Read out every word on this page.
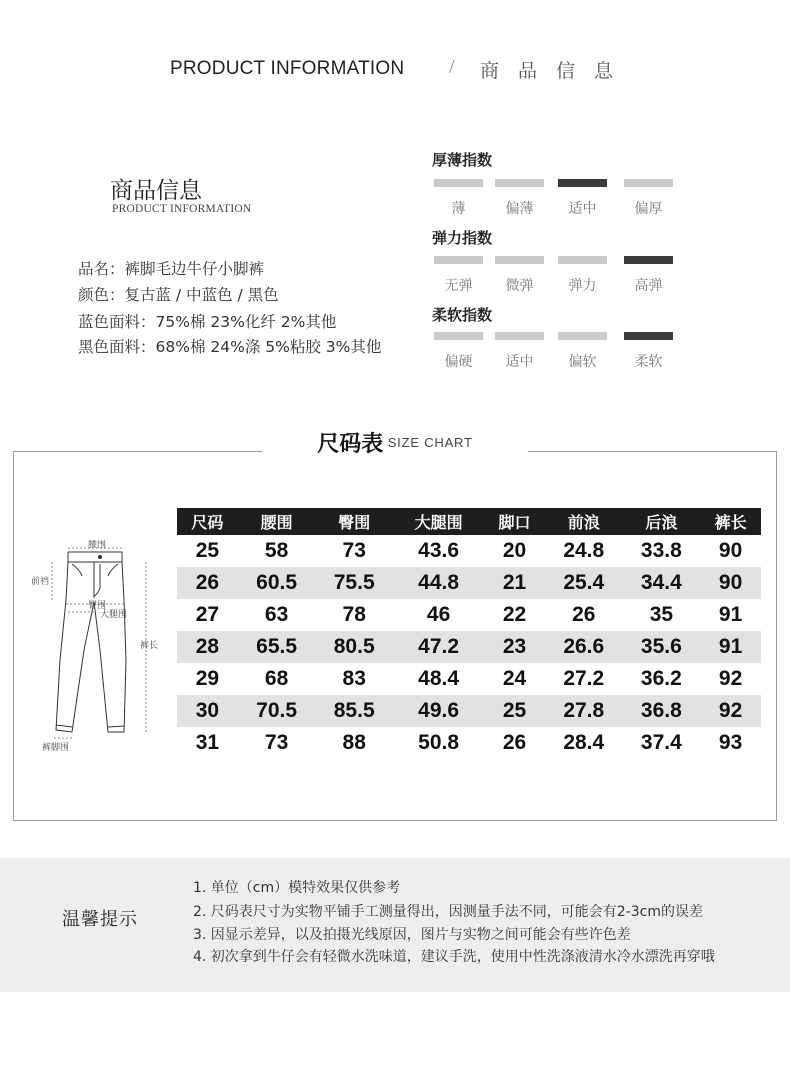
PRODUCT INFORMATION / 商品信息
商品信息
PRODUCT INFORMATION
品名：裤脚毛边牛仔小脚裤
颜色：复古蓝 / 中蓝色 / 黑色
蓝色面料：75%棉 23%化纤 2%其他
黑色面料：68%棉 24%涤 5%粘胶 3%其他
厚薄指数
弹力指数
柔软指数
薄	偏薄	适中	偏厚
无弹	微弹	弹力	高弹
偏硬	适中	偏软	柔软
尺码表 SIZE CHART
腰围
前裆
臀围
大腿围
裤长
裤脚围
尺码	腰围	臀围	大腿围	脚口	前浪	后浪	裤长
25	58	73	43.6	20	24.8	33.8	90
26	60.5	75.5	44.8	21	25.4	34.4	90
27	63	78	46	22	26	35	91
28	65.5	80.5	47.2	23	26.6	35.6	91
29	68	83	48.4	24	27.2	36.2	92
30	70.5	85.5	49.6	25	27.8	36.8	92
31	73	88	50.8	26	28.4	37.4	93
温馨提示
1. 单位（cm）模特效果仅供参考
2. 尺码表尺寸为实物平铺手工测量得出，因测量手法不同，可能会有2-3cm的误差
3. 因显示差异，以及拍摄光线原因，图片与实物之间可能会有些许色差
4. 初次拿到牛仔会有轻微水洗味道，建议手洗，使用中性洗涤液清水冷水漂洗再穿哦
